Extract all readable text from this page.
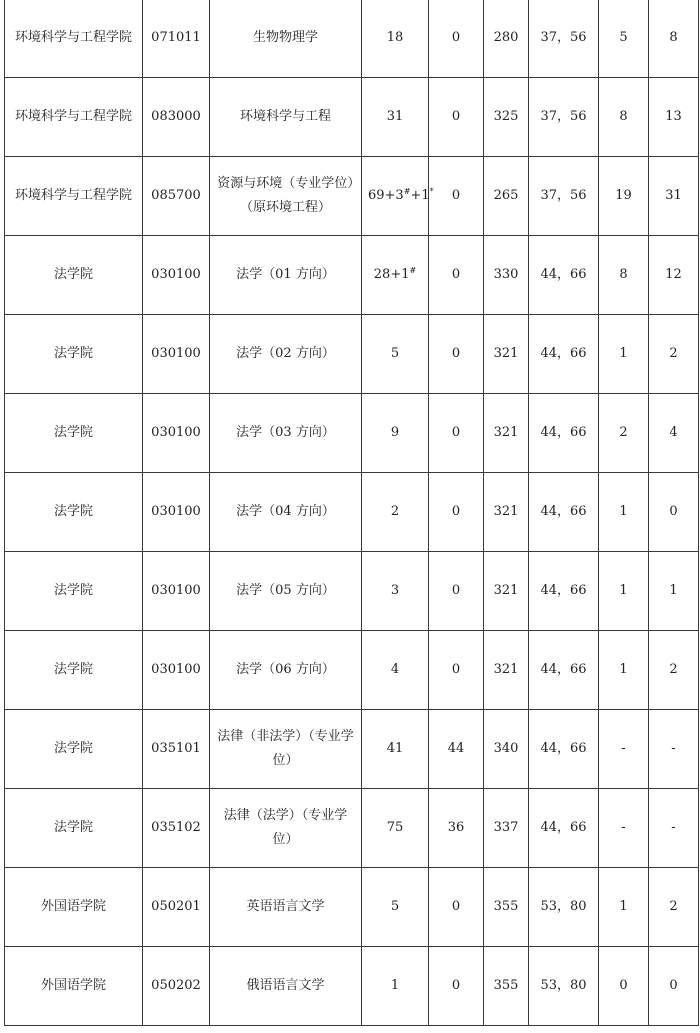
环境科学与工程学院	071011	生物物理学	18	0	280	37，56	5	8
环境科学与工程学院	083000	环境科学与工程	31	0	325	37，56	8	13
环境科学与工程学院	085700	资源与环境（专业学位）（原环境工程）	69+3#+1*	0	265	37，56	19	31
法学院	030100	法学（01 方向）	28+1#	0	330	44，66	8	12
法学院	030100	法学（02 方向）	5	0	321	44，66	1	2
法学院	030100	法学（03 方向）	9	0	321	44，66	2	4
法学院	030100	法学（04 方向）	2	0	321	44，66	1	0
法学院	030100	法学（05 方向）	3	0	321	44，66	1	1
法学院	030100	法学（06 方向）	4	0	321	44，66	1	2
法学院	035101	法律（非法学）（专业学位）	41	44	340	44，66	-	-
法学院	035102	法律（法学）（专业学位）	75	36	337	44，66	-	-
外国语学院	050201	英语语言文学	5	0	355	53，80	1	2
外国语学院	050202	俄语语言文学	1	0	355	53，80	0	0
